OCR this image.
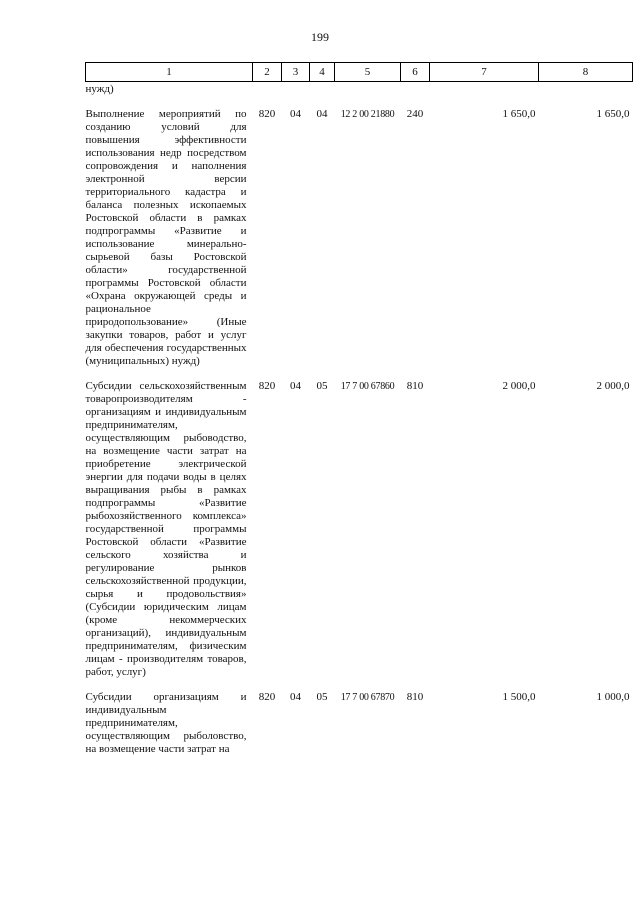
199
1	2	3	4	5	6	7	8
нужд)							

Выполнение мероприятий по созданию условий для повышения эффективности использования недр посредством сопровождения и наполнения электронной версии территориального кадастра и баланса полезных ископаемых Ростовской области в рамках подпрограммы «Развитие и использование минерально-сырьевой базы Ростовской области» государственной программы Ростовской области «Охрана окружающей среды и рациональное природопользование» (Иные закупки товаров, работ и услуг для обеспечения государственных (муниципальных) нужд)	820	04	04	12 2 00 21880	240	1 650,0	1 650,0

Субсидии сельскохозяйственным товаропроизводителям - организациям и индивидуальным предпринимателям, осуществляющим рыбоводство, на возмещение части затрат на приобретение электрической энергии для подачи воды в целях выращивания рыбы в рамках подпрограммы «Развитие рыбохозяйственного комплекса» государственной программы Ростовской области «Развитие сельского хозяйства и регулирование рынков сельскохозяйственной продукции, сырья и продовольствия» (Субсидии юридическим лицам (кроме некоммерческих организаций), индивидуальным предпринимателям, физическим лицам - производителям товаров, работ, услуг)	820	04	05	17 7 00 67860	810	2 000,0	2 000,0

Субсидии организациям и индивидуальным предпринимателям, осуществляющим рыболовство, на возмещение части затрат на	820	04	05	17 7 00 67870	810	1 500,0	1 000,0
